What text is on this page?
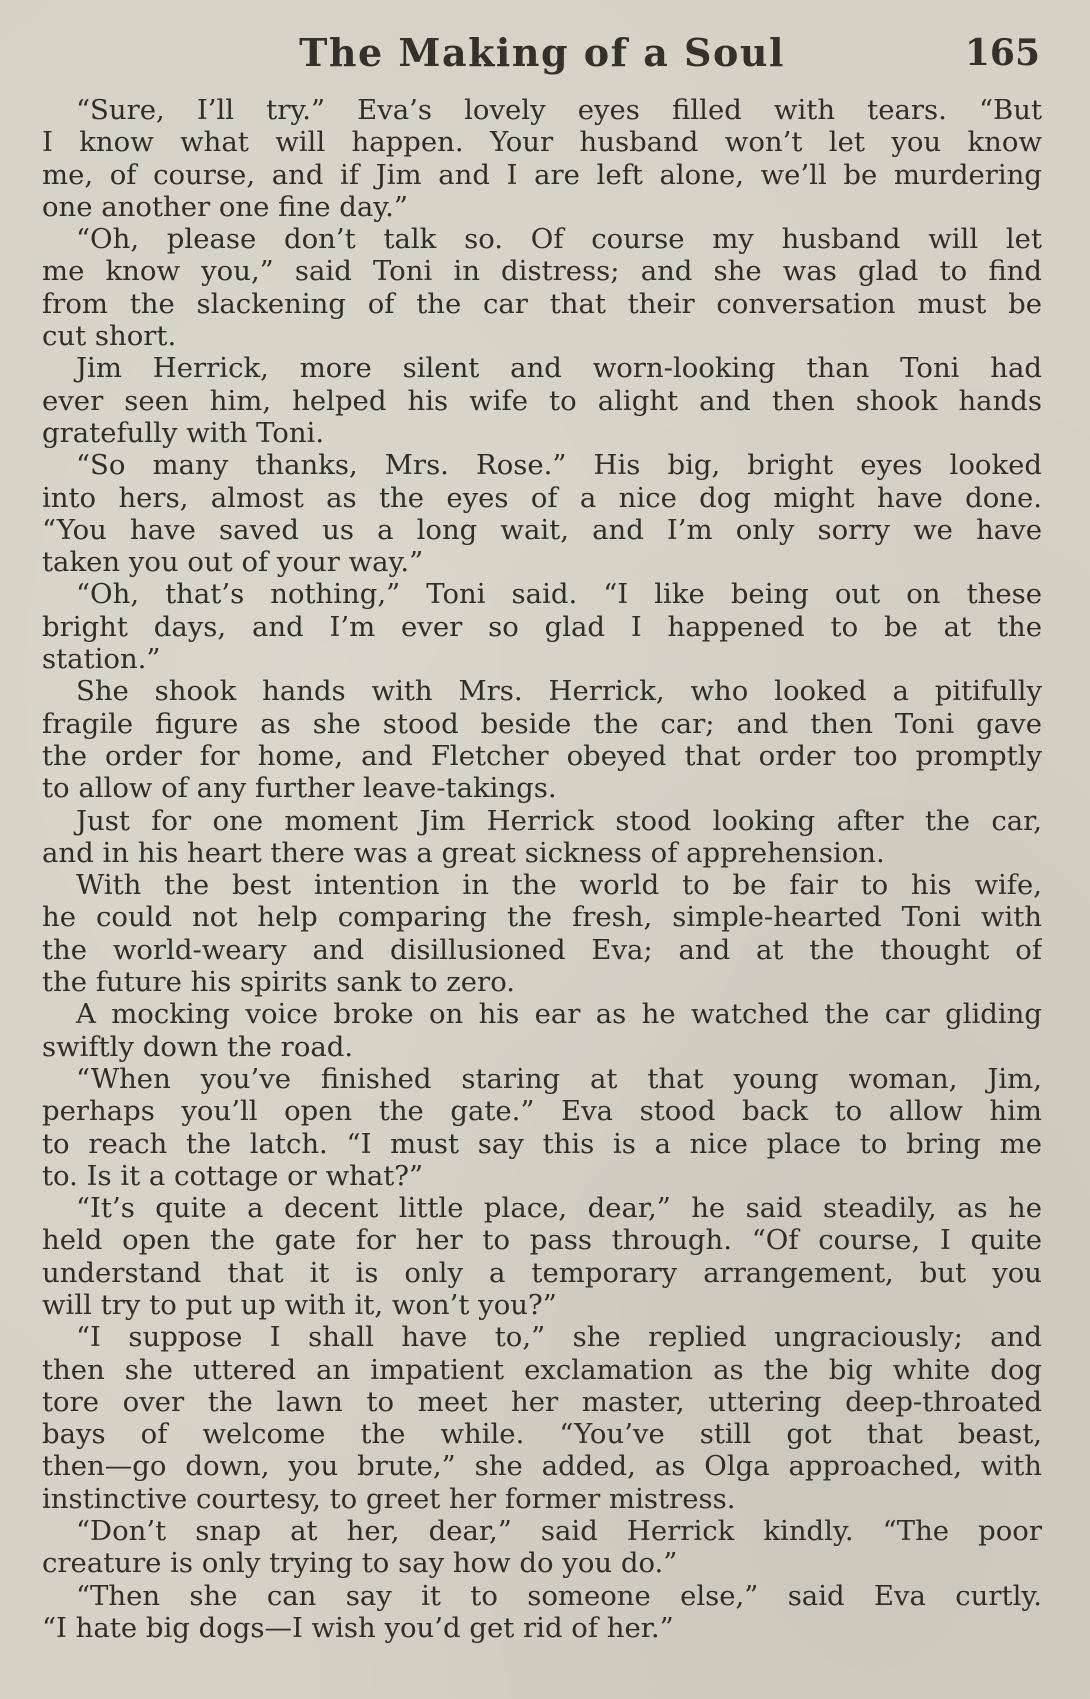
The Making of a Soul	165
“Sure, I’ll try.” Eva’s lovely eyes filled with tears. “But
I know what will happen. Your husband won’t let you know
me, of course, and if Jim and I are left alone, we’ll be murdering
one another one fine day.”
“Oh, please don’t talk so. Of course my husband will let
me know you,” said Toni in distress; and she was glad to find
from the slackening of the car that their conversation must be
cut short.
Jim Herrick, more silent and worn-looking than Toni had
ever seen him, helped his wife to alight and then shook hands
gratefully with Toni.
“So many thanks, Mrs. Rose.” His big, bright eyes looked
into hers, almost as the eyes of a nice dog might have done.
“You have saved us a long wait, and I’m only sorry we have
taken you out of your way.”
“Oh, that’s nothing,” Toni said. “I like being out on these
bright days, and I’m ever so glad I happened to be at the
station.”
She shook hands with Mrs. Herrick, who looked a pitifully
fragile figure as she stood beside the car; and then Toni gave
the order for home, and Fletcher obeyed that order too promptly
to allow of any further leave-takings.
Just for one moment Jim Herrick stood looking after the car,
and in his heart there was a great sickness of apprehension.
With the best intention in the world to be fair to his wife,
he could not help comparing the fresh, simple-hearted Toni with
the world-weary and disillusioned Eva; and at the thought of
the future his spirits sank to zero.
A mocking voice broke on his ear as he watched the car gliding
swiftly down the road.
“When you’ve finished staring at that young woman, Jim,
perhaps you’ll open the gate.” Eva stood back to allow him
to reach the latch. “I must say this is a nice place to bring me
to. Is it a cottage or what?”
“It’s quite a decent little place, dear,” he said steadily, as he
held open the gate for her to pass through. “Of course, I quite
understand that it is only a temporary arrangement, but you
will try to put up with it, won’t you?”
“I suppose I shall have to,” she replied ungraciously; and
then she uttered an impatient exclamation as the big white dog
tore over the lawn to meet her master, uttering deep-throated
bays of welcome the while. “You’ve still got that beast,
then—go down, you brute,” she added, as Olga approached, with
instinctive courtesy, to greet her former mistress.
“Don’t snap at her, dear,” said Herrick kindly. “The poor
creature is only trying to say how do you do.”
“Then she can say it to someone else,” said Eva curtly.
“I hate big dogs—I wish you’d get rid of her.”
